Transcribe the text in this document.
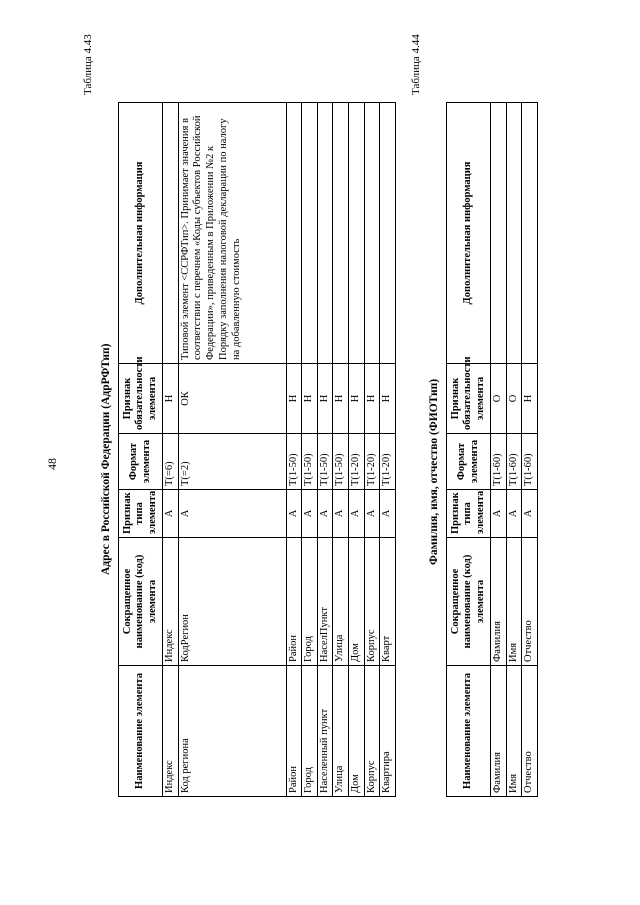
48
Таблица 4.43
Адрес в Российской Федерации (АдрРФТип)
Наименование элемента	Сокращенное наименование (код) элемента	Признак типа элемента	Формат элемента	Признак обязательности элемента	Дополнительная информация
Индекс	Индекс	А	T(=6)	Н	
Код региона	КодРегион	А	T(=2)	ОК	Типовой элемент <ССРФТип>. Принимает значения в соответствии с перечнем «Коды субъектов Российской Федерации», приведенным в Приложении №2 к Порядку заполнения налоговой декларации по налогу на добавленную стоимость
Район	Район	А	T(1-50)	Н	
Город	Город	А	T(1-50)	Н	
Населенный пункт	НаселПункт	А	T(1-50)	Н	
Улица	Улица	А	T(1-50)	Н	
Дом	Дом	А	T(1-20)	Н	
Корпус	Корпус	А	T(1-20)	Н	
Квартира	Кварт	А	T(1-20)	Н	
Таблица 4.44
Фамилия, имя, отчество (ФИОТип)
Наименование элемента	Сокращенное наименование (код) элемента	Признак типа элемента	Формат элемента	Признак обязательности элемента	Дополнительная информация
Фамилия	Фамилия	А	T(1-60)	О	
Имя	Имя	А	T(1-60)	О	
Отчество	Отчество	А	T(1-60)	Н	
